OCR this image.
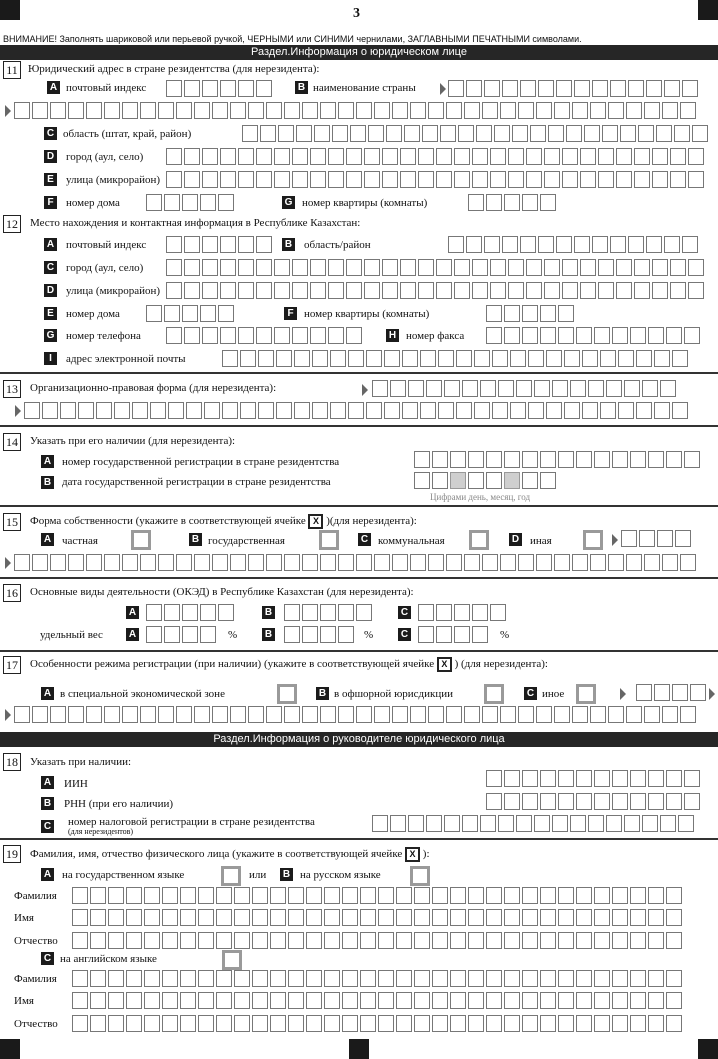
3
ВНИМАНИЕ! Заполнять шариковой или перьевой ручкой, ЧЕРНЫМИ или СИНИМИ чернилами, ЗАГЛАВНЫМИ ПЕЧАТНЫМИ символами.
Раздел.Информация о юридическом лице
11 Юридический адрес в стране резидентства (для нерезидента):
A почтовый индекс	B наименование страны
C область (штат, край, район)
D город (аул, село)
E улица (микрорайон)
F	номер дома	G номер квартиры (комнаты)
12 Место нахождения и контактная информация в Республике Казахстан:
A почтовый индекс	B область/район
C город (аул, село)
D улица (микрорайон)
E номер дома	F номер квартиры (комнаты)
G номер телефона	H номер факса
I	адрес электронной почты
13 Организационно-правовая форма (для нерезидента):
14 Указать при его наличии (для нерезидента):
A номер государственной регистрации в стране резидентства
B дата государственной регистрации в стране резидентства
Цифрами день, месяц, год
15 Форма собственности (укажите в соответствующей ячейке X )(для нерезидента):
A частная	B государственная	C коммунальная	D иная
16 Основные виды деятельности (ОКЭД) в Республике Казахстан (для нерезидента):
A	B	C
удельный вес	A	%	B	%	C	%
17 Особенности режима регистрации (при наличии) (укажите в соответствующей ячейке X ) (для нерезидента):
A в специальной экономической зоне	B в офшорной юрисдикции	C иное
Раздел.Информация о руководителе юридического лица
18 Указать при наличии:
A ИИН
B РНН (при его наличии)
C номер налоговой регистрации в стране резидентства
(для нерезидентов)
19 Фамилия, имя, отчество физического лица (укажите в соответствующей ячейке X ):
A на государственном языке	или B на русском языке
Фамилия
Имя
Отчество
C на английском языке
Фамилия
Имя
Отчество
